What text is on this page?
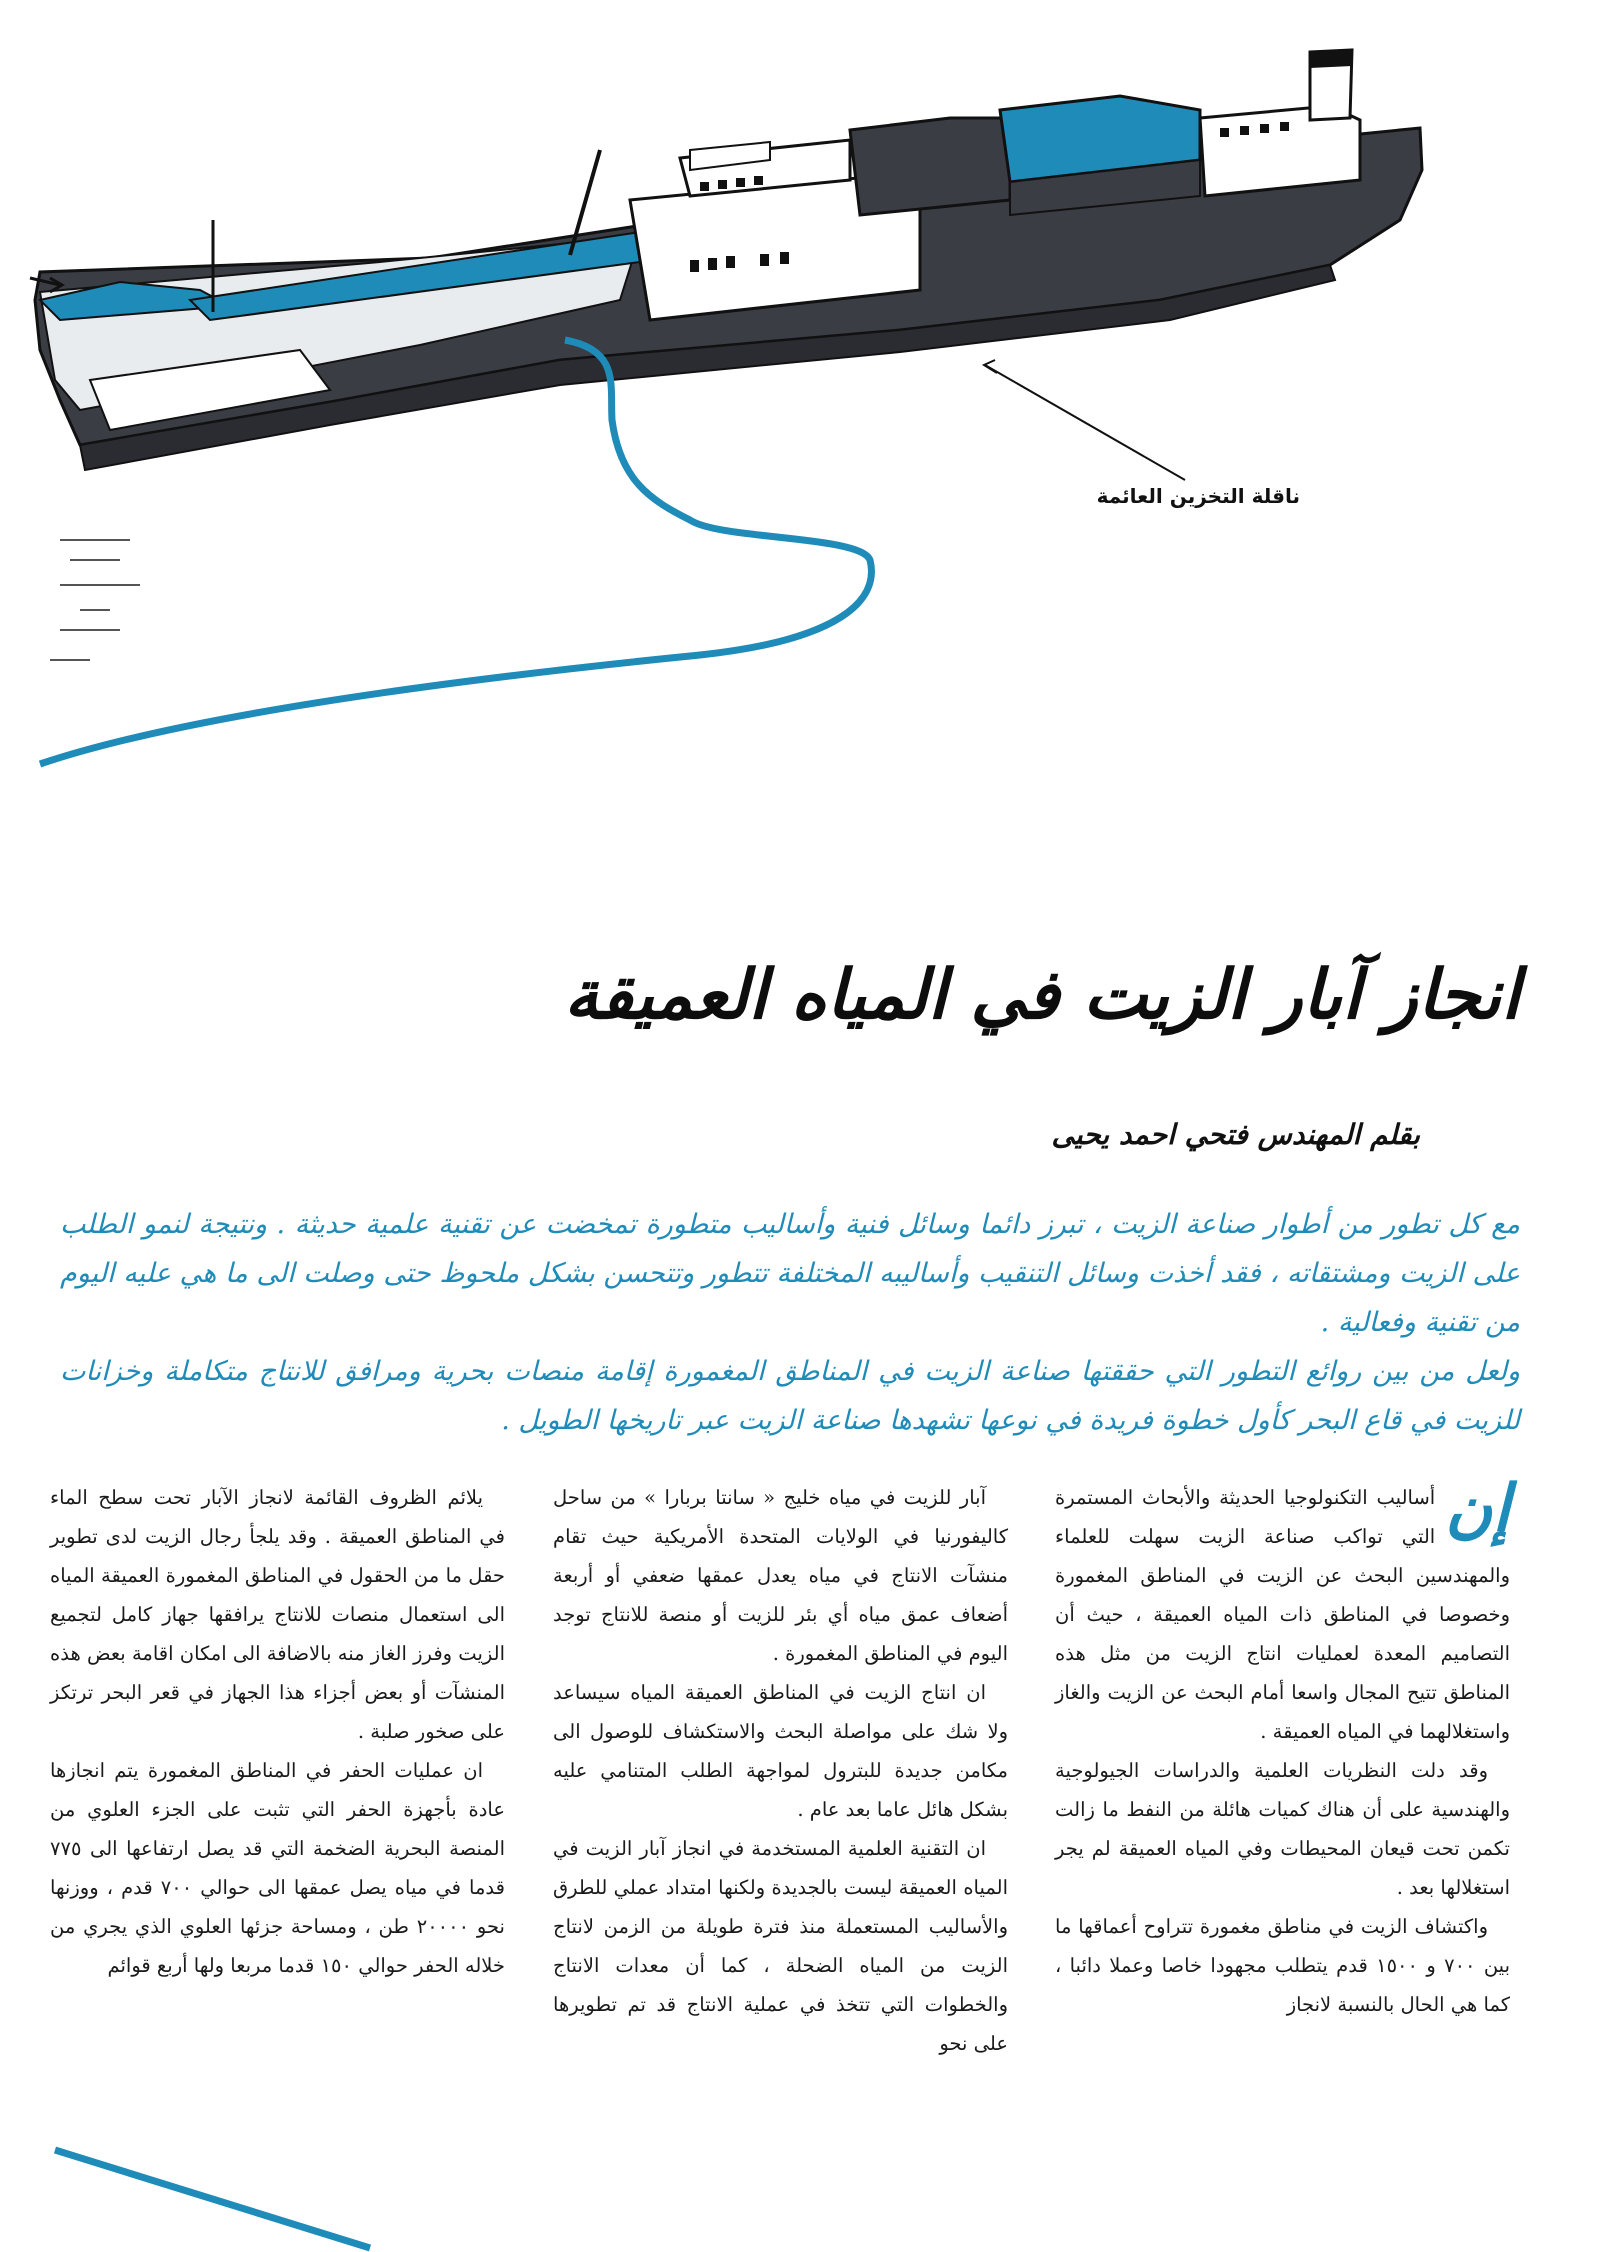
ناقلة التخزين العائمة
انجاز آبار الزيت في المياه العميقة
بقلم المهندس فتحي احمد يحيى

مع كل تطور من أطوار صناعة الزيت ، تبرز دائما وسائل فنية وأساليب متطورة تمخضت عن تقنية علمية حديثة . ونتيجة لنمو الطلب على الزيت ومشتقاته ، فقد أخذت وسائل التنقيب وأساليبه المختلفة تتطور وتتحسن بشكل ملحوظ حتى وصلت الى ما هي عليه اليوم من تقنية وفعالية .

ولعل من بين روائع التطور التي حققتها صناعة الزيت في المناطق المغمورة إقامة منصات بحرية ومرافق للانتاج متكاملة وخزانات للزيت في قاع البحر كأول خطوة فريدة في نوعها تشهدها صناعة الزيت عبر تاريخها الطويل .

إن

أساليب التكنولوجيا الحديثة والأبحاث المستمرة التي تواكب صناعة الزيت سهلت للعلماء والمهندسين البحث عن الزيت في المناطق المغمورة وخصوصا في المناطق ذات المياه العميقة ، حيث أن التصاميم المعدة لعمليات انتاج الزيت من مثل هذه المناطق تتيح المجال واسعا أمام البحث عن الزيت والغاز واستغلالهما في المياه العميقة .

وقد دلت النظريات العلمية والدراسات الجيولوجية والهندسية على أن هناك كميات هائلة من النفط ما زالت تكمن تحت قيعان المحيطات وفي المياه العميقة لم يجر استغلالها بعد .

واكتشاف الزيت في مناطق مغمورة تتراوح أعماقها ما بين ٧٠٠ و ١٥٠٠ قدم يتطلب مجهودا خاصا وعملا دائبا ، كما هي الحال بالنسبة لانجاز

آبار للزيت في مياه خليج « سانتا بربارا » من ساحل كاليفورنيا في الولايات المتحدة الأمريكية حيث تقام منشآت الانتاج في مياه يعدل عمقها ضعفي أو أربعة أضعاف عمق مياه أي بئر للزيت أو منصة للانتاج توجد اليوم في المناطق المغمورة .

ان انتاج الزيت في المناطق العميقة المياه سيساعد ولا شك على مواصلة البحث والاستكشاف للوصول الى مكامن جديدة للبترول لمواجهة الطلب المتنامي عليه بشكل هائل عاما بعد عام .

ان التقنية العلمية المستخدمة في انجاز آبار الزيت في المياه العميقة ليست بالجديدة ولكنها امتداد عملي للطرق والأساليب المستعملة منذ فترة طويلة من الزمن لانتاج الزيت من المياه الضحلة ، كما أن معدات الانتاج والخطوات التي تتخذ في عملية الانتاج قد تم تطويرها على نحو

يلائم الظروف القائمة لانجاز الآبار تحت سطح الماء في المناطق العميقة . وقد يلجأ رجال الزيت لدى تطوير حقل ما من الحقول في المناطق المغمورة العميقة المياه الى استعمال منصات للانتاج يرافقها جهاز كامل لتجميع الزيت وفرز الغاز منه بالاضافة الى امكان اقامة بعض هذه المنشآت أو بعض أجزاء هذا الجهاز في قعر البحر ترتكز على صخور صلبة .

ان عمليات الحفر في المناطق المغمورة يتم انجازها عادة بأجهزة الحفر التي تثبت على الجزء العلوي من المنصة البحرية الضخمة التي قد يصل ارتفاعها الى ٧٧٥ قدما في مياه يصل عمقها الى حوالي ٧٠٠ قدم ، ووزنها نحو ٢٠٠٠٠ طن ، ومساحة جزئها العلوي الذي يجري من خلاله الحفر حوالي ١٥٠ قدما مربعا ولها أربع قوائم
